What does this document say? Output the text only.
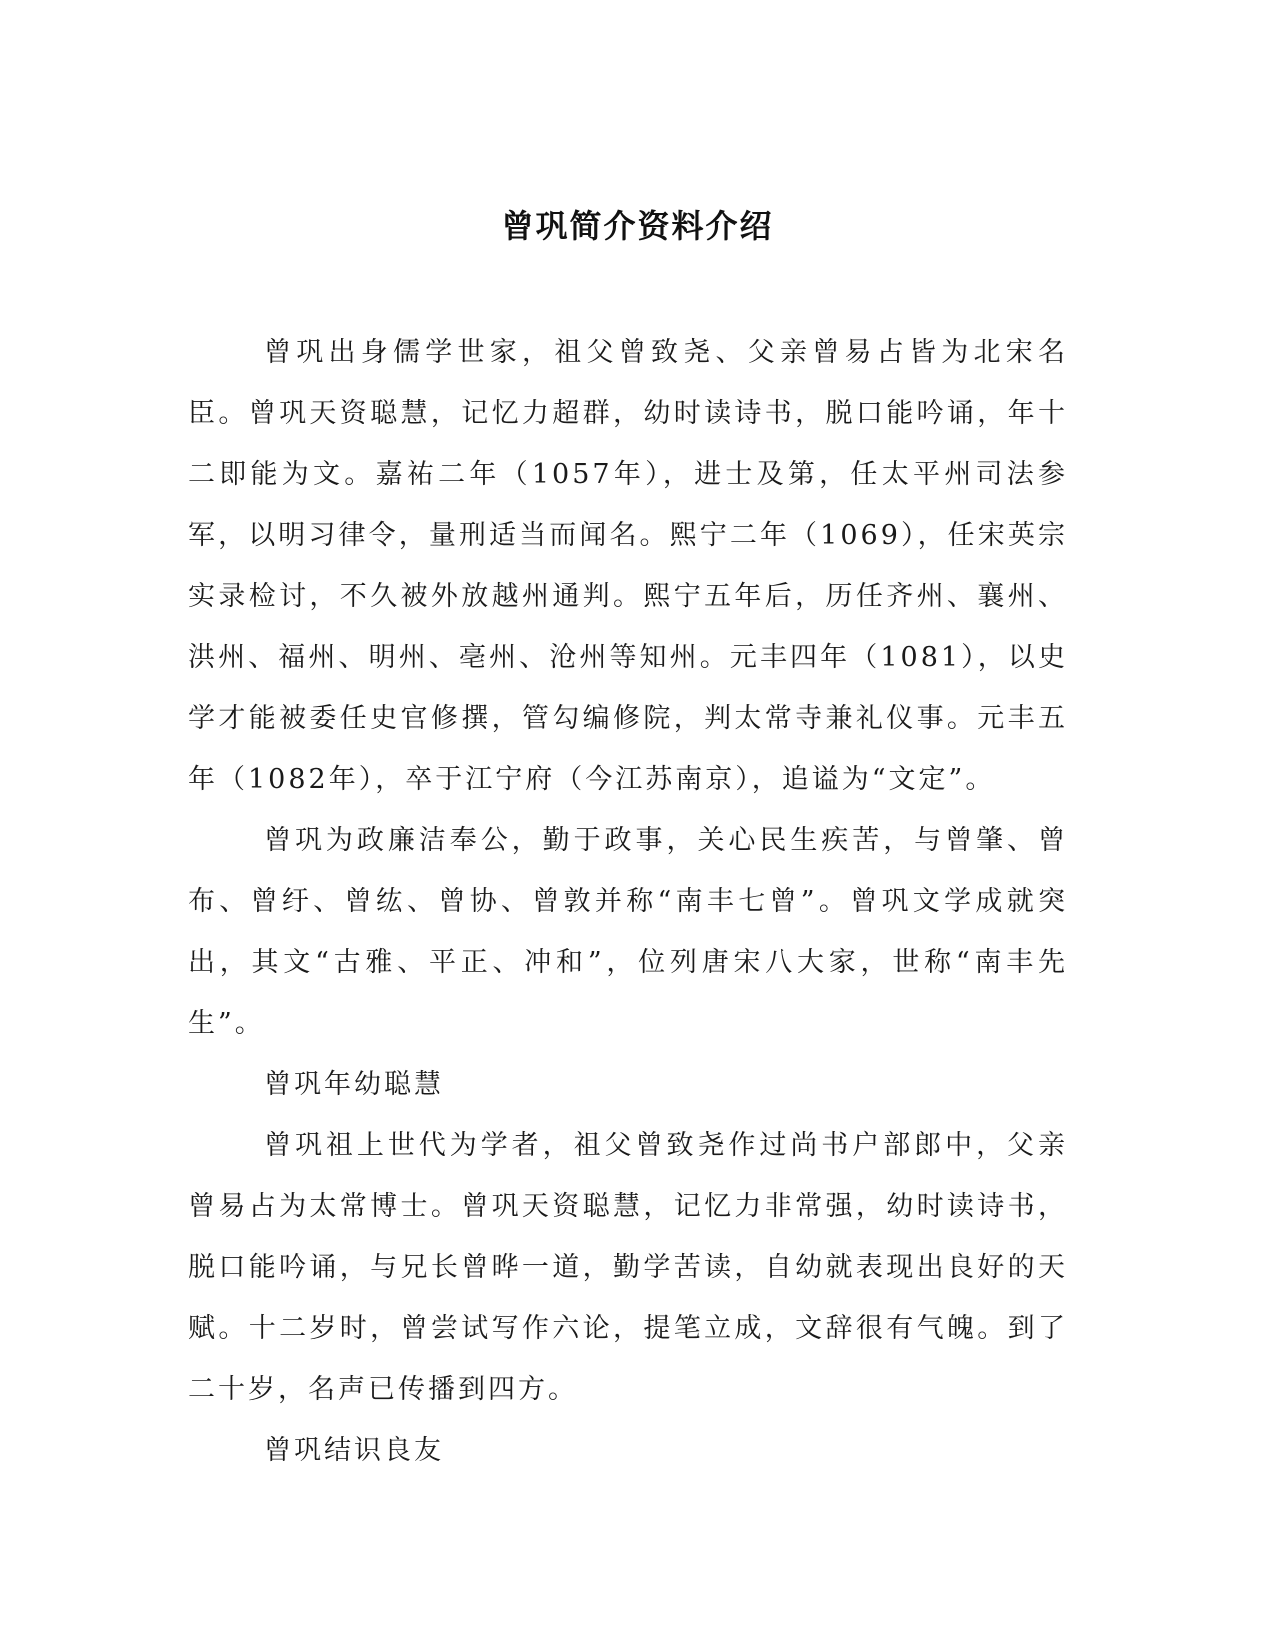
曾巩简介资料介绍

曾巩出身儒学世家，祖父曾致尧、父亲曾易占皆为北宋名臣。曾巩天资聪慧，记忆力超群，幼时读诗书，脱口能吟诵，年十二即能为文。嘉祐二年（1057年），进士及第，任太平州司法参军，以明习律令，量刑适当而闻名。熙宁二年（1069），任宋英宗实录检讨，不久被外放越州通判。熙宁五年后，历任齐州、襄州、洪州、福州、明州、亳州、沧州等知州。元丰四年（1081），以史学才能被委任史官修撰，管勾编修院，判太常寺兼礼仪事。元丰五年（1082年），卒于江宁府（今江苏南京），追谥为“文定”。

曾巩为政廉洁奉公，勤于政事，关心民生疾苦，与曾肇、曾布、曾纡、曾纮、曾协、曾敦并称“南丰七曾”。曾巩文学成就突出，其文“古雅、平正、冲和”，位列唐宋八大家，世称“南丰先生”。

曾巩年幼聪慧

曾巩祖上世代为学者，祖父曾致尧作过尚书户部郎中，父亲曾易占为太常博士。曾巩天资聪慧，记忆力非常强，幼时读诗书，脱口能吟诵，与兄长曾晔一道，勤学苦读，自幼就表现出良好的天赋。十二岁时，曾尝试写作六论，提笔立成，文辞很有气魄。到了二十岁，名声已传播到四方。

曾巩结识良友
